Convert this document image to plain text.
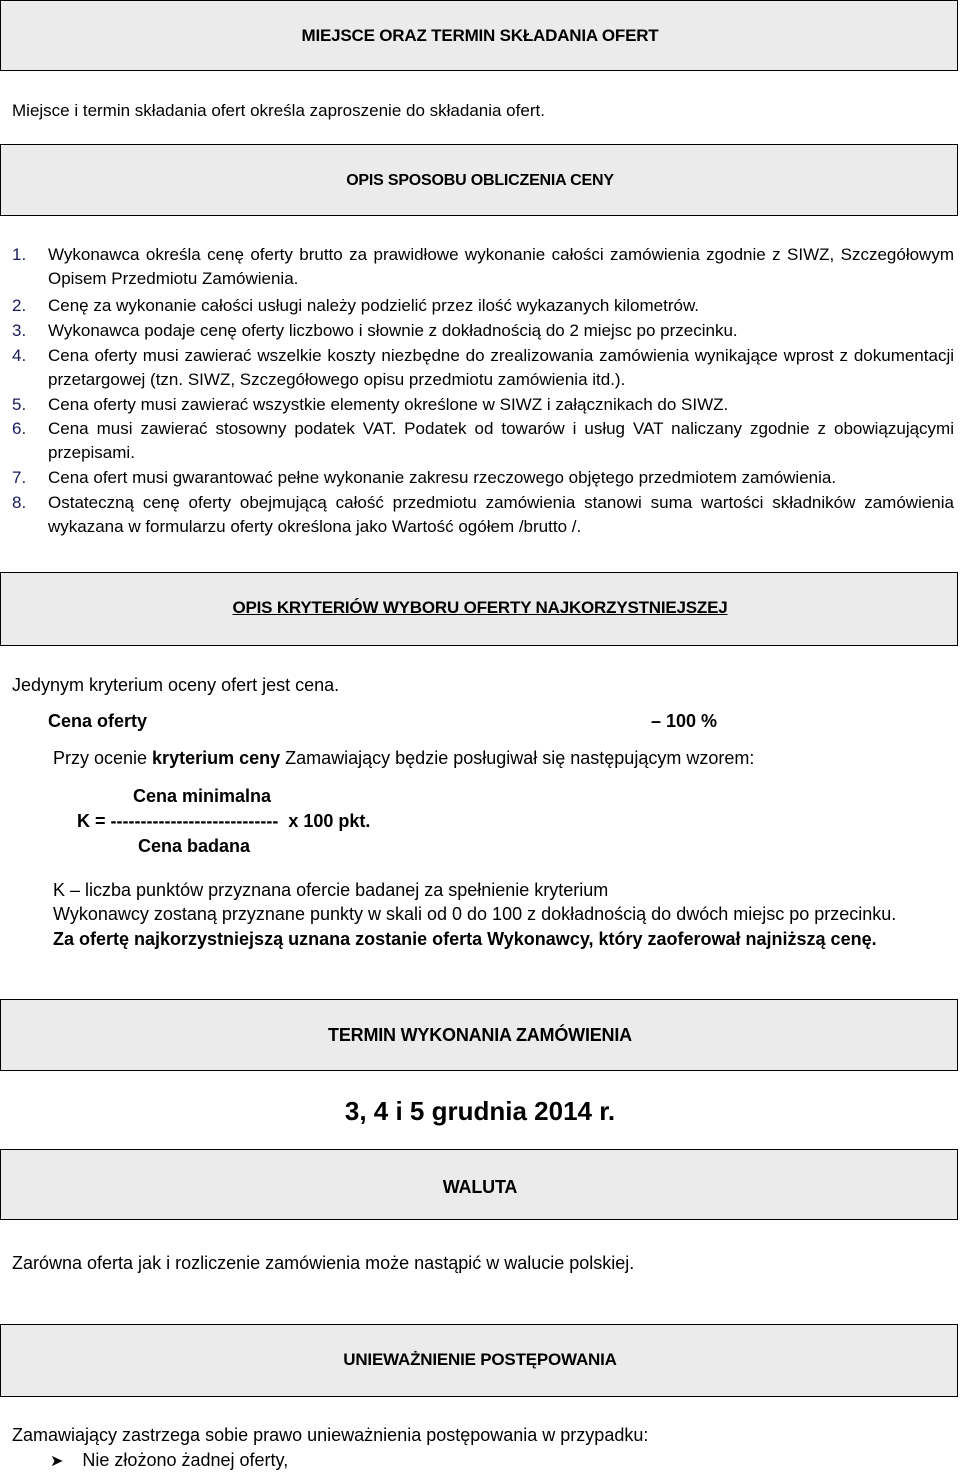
MIEJSCE ORAZ TERMIN SKŁADANIA OFERT
Miejsce i termin składania ofert określa zaproszenie do składania ofert.
OPIS SPOSOBU OBLICZENIA CENY
1. Wykonawca określa cenę oferty brutto za prawidłowe wykonanie całości zamówienia zgodnie z SIWZ, Szczegółowym Opisem Przedmiotu Zamówienia.
2. Cenę za wykonanie całości usługi należy podzielić przez ilość wykazanych kilometrów.
3. Wykonawca podaje cenę oferty liczbowo i słownie z dokładnością do 2 miejsc po przecinku.
4. Cena oferty musi zawierać wszelkie koszty niezbędne do zrealizowania zamówienia wynikające wprost z dokumentacji przetargowej (tzn. SIWZ, Szczegółowego opisu przedmiotu zamówienia itd.).
5. Cena oferty musi zawierać wszystkie elementy określone w SIWZ i załącznikach do SIWZ.
6. Cena musi zawierać stosowny podatek VAT. Podatek od towarów i usług VAT naliczany zgodnie z obowiązującymi przepisami.
7. Cena ofert musi gwarantować pełne wykonanie zakresu rzeczowego objętego przedmiotem zamówienia.
8. Ostateczną cenę oferty obejmującą całość przedmiotu zamówienia stanowi suma wartości składników zamówienia wykazana w formularzu oferty określona jako Wartość ogółem /brutto /.
OPIS KRYTERIÓW WYBORU OFERTY NAJKORZYSTNIEJSZEJ
Jedynym kryterium oceny ofert jest cena.
Cena oferty	– 100 %
Przy ocenie kryterium ceny Zamawiający będzie posługiwał się następującym wzorem:
Cena minimalna
K = ----------------------------  x 100 pkt.
Cena badana
K – liczba punktów przyznana ofercie badanej za spełnienie kryterium
Wykonawcy zostaną przyznane punkty w skali od 0 do 100 z dokładnością do dwóch miejsc po przecinku.
Za ofertę najkorzystniejszą uznana zostanie oferta Wykonawcy, który zaoferował najniższą cenę.
TERMIN WYKONANIA ZAMÓWIENIA
3, 4 i 5 grudnia 2014 r.
WALUTA
Zarówna oferta jak i rozliczenie zamówienia może nastąpić w walucie polskiej.
UNIEWAŻNIENIE POSTĘPOWANIA
Zamawiający zastrzega sobie prawo unieważnienia postępowania w przypadku:
➤ Nie złożono żadnej oferty,
